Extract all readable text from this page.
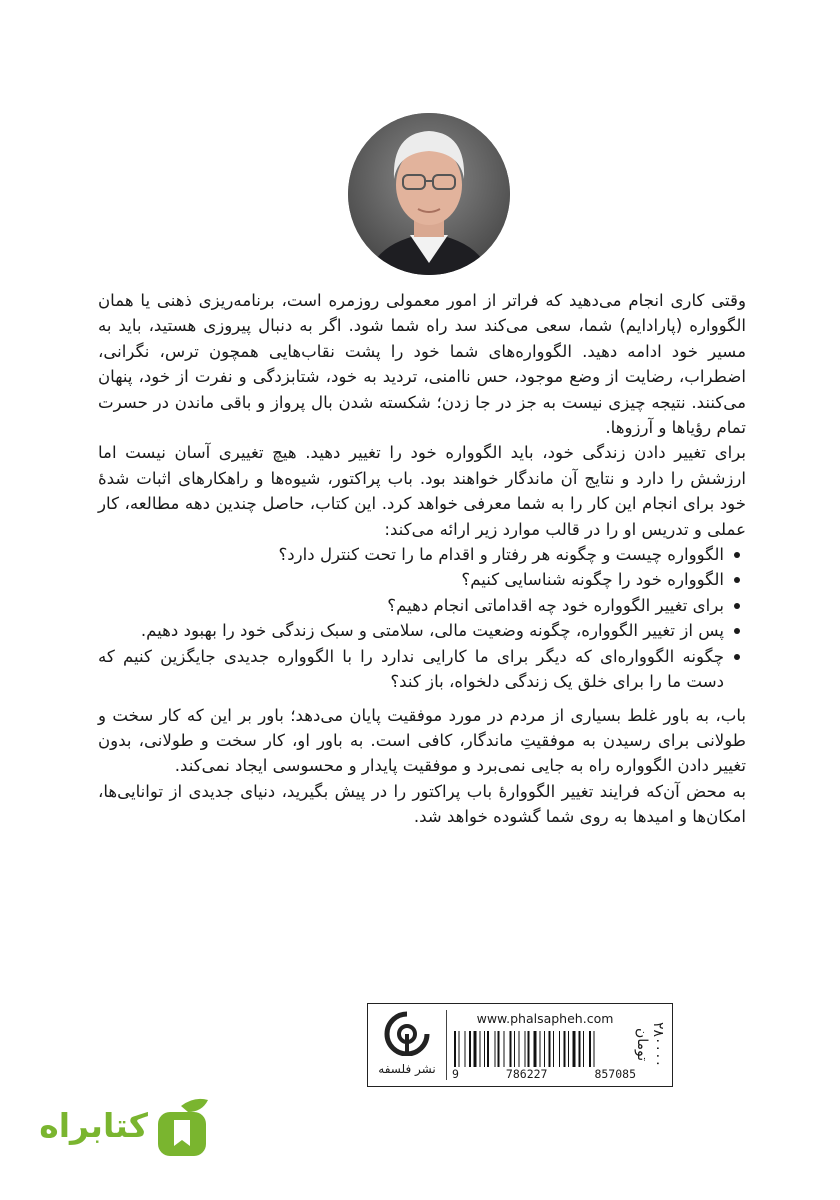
وقتی کاری انجام می‌دهید که فراتر از امور معمولی روزمره است، برنامه‌ریزی ذهنی یا همان الگوواره (پارادایم) شما، سعی می‌کند سد راه شما شود. اگر به دنبال پیروزی هستید، باید به مسیر خود ادامه دهید. الگوواره‌های شما خود را پشت نقاب‌هایی همچون ترس، نگرانی، اضطراب، رضایت از وضع موجود، حس ناامنی، تردید به خود، شتابزدگی و نفرت از خود، پنهان می‌کنند. نتیجه چیزی نیست به جز در جا زدن؛ شکسته شدن بال پرواز و باقی ماندن در حسرت تمام رؤیاها و آرزوها.

برای تغییر دادن زندگی خود، باید الگوواره خود را تغییر دهید. هیچ تغییری آسان نیست اما ارزشش را دارد و نتایج آن ماندگار خواهند بود. باب پراکتور، شیوه‌ها و راهکارهای اثبات شدهٔ خود برای انجام این کار را به شما معرفی خواهد کرد. این کتاب، حاصل چندین دهه مطالعه، کار عملی و تدریس او را در قالب موارد زیر ارائه می‌کند:

الگوواره چیست و چگونه هر رفتار و اقدام ما را تحت کنترل دارد؟
الگوواره خود را چگونه شناسایی کنیم؟
برای تغییر الگوواره خود چه اقداماتی انجام دهیم؟
پس از تغییر الگوواره، چگونه وضعیت مالی، سلامتی و سبک زندگی خود را بهبود دهیم.
چگونه الگوواره‌ای که دیگر برای ما کارایی ندارد را با الگوواره جدیدی جایگزین کنیم که دست ما را برای خلق یک زندگی دلخواه، باز کند؟

باب، به باور غلط بسیاری از مردم در مورد موفقیت پایان می‌دهد؛ باور بر این که کار سخت و طولانی برای رسیدن به موفقیتِ ماندگار، کافی است. به باور او، کار سخت و طولانی، بدون تغییر دادن الگوواره راه به جایی نمی‌برد و موفقیت پایدار و محسوسی ایجاد نمی‌کند.

به محض آن‌که فرایند تغییر الگووارهٔ باب پراکتور را در پیش بگیرید، دنیای جدیدی از توانایی‌ها، امکان‌ها و امیدها به روی شما گشوده خواهد شد.

۲۸۰۰۰۰ تومان
www.phalsapheh.com
9	786227	857085
نشر فلسفه
کتابراه
